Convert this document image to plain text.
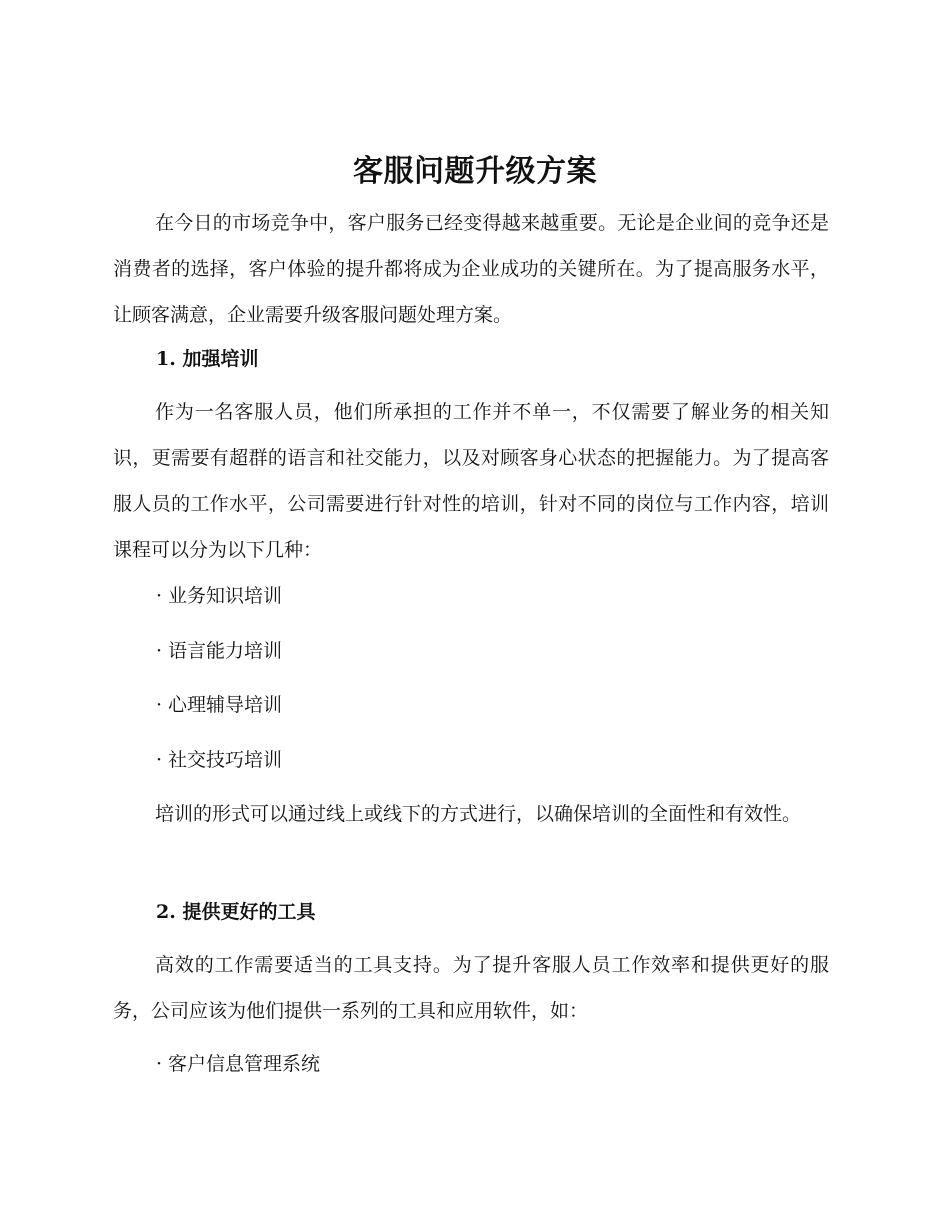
客服问题升级方案

在今日的市场竞争中，客户服务已经变得越来越重要。无论是企业间的竞争还是消费者的选择，客户体验的提升都将成为企业成功的关键所在。为了提高服务水平，让顾客满意，企业需要升级客服问题处理方案。

1. 加强培训

作为一名客服人员，他们所承担的工作并不单一，不仅需要了解业务的相关知识，更需要有超群的语言和社交能力，以及对顾客身心状态的把握能力。为了提高客服人员的工作水平，公司需要进行针对性的培训，针对不同的岗位与工作内容，培训课程可以分为以下几种：

· 业务知识培训

· 语言能力培训

· 心理辅导培训

· 社交技巧培训

培训的形式可以通过线上或线下的方式进行，以确保培训的全面性和有效性。

2. 提供更好的工具

高效的工作需要适当的工具支持。为了提升客服人员工作效率和提供更好的服务，公司应该为他们提供一系列的工具和应用软件，如：

· 客户信息管理系统
